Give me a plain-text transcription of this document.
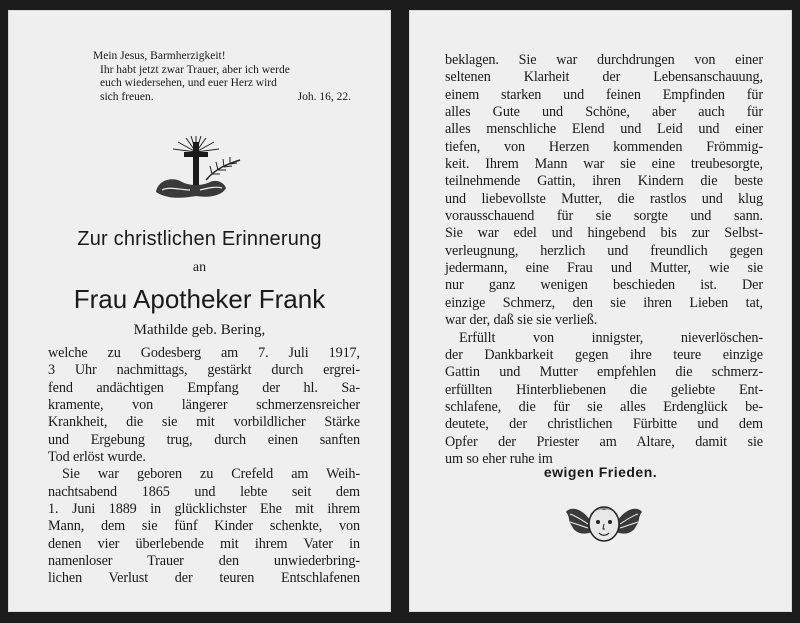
Mein Jesus, Barmherzigkeit!
Ihr habt jetzt zwar Trauer, aber ich werde
euch wiedersehen, und euer Herz wird
sich freuen.	Joh. 16, 22.
Zur christlichen Erinnerung
an
Frau Apotheker Frank
Mathilde geb. Bering,
welche zu Godesberg am 7. Juli 1917,
3 Uhr nachmittags, gestärkt durch ergrei-
fend andächtigen Empfang der hl. Sa-
kramente, von längerer schmerzensreicher
Krankheit, die sie mit vorbildlicher Stärke
und Ergebung trug, durch einen sanften
Tod erlöst wurde.
Sie war geboren zu Crefeld am Weih-
nachtsabend 1865 und lebte seit dem
1. Juni 1889 in glücklichster Ehe mit ihrem
Mann, dem sie fünf Kinder schenkte, von
denen vier überlebende mit ihrem Vater in
namenloser Trauer den unwiederbring-
lichen Verlust der teuren Entschlafenen
beklagen. Sie war durchdrungen von einer
seltenen Klarheit der Lebensanschauung,
einem starken und feinen Empfinden für
alles Gute und Schöne, aber auch für
alles menschliche Elend und Leid und einer
tiefen, von Herzen kommenden Frömmig-
keit. Ihrem Mann war sie eine treubesorgte,
teilnehmende Gattin, ihren Kindern die beste
und liebevollste Mutter, die rastlos und klug
vorausschauend für sie sorgte und sann.
Sie war edel und hingebend bis zur Selbst-
verleugnung, herzlich und freundlich gegen
jedermann, eine Frau und Mutter, wie sie
nur ganz wenigen beschieden ist. Der
einzige Schmerz, den sie ihren Lieben tat,
war der, daß sie sie verließ.
Erfüllt von innigster, nieverlöschen-
der Dankbarkeit gegen ihre teure einzige
Gattin und Mutter empfehlen die schmerz-
erfüllten Hinterbliebenen die geliebte Ent-
schlafene, die für sie alles Erdenglück be-
deutete, der christlichen Fürbitte und dem
Opfer der Priester am Altare, damit sie
um so eher ruhe im
ewigen Frieden.
